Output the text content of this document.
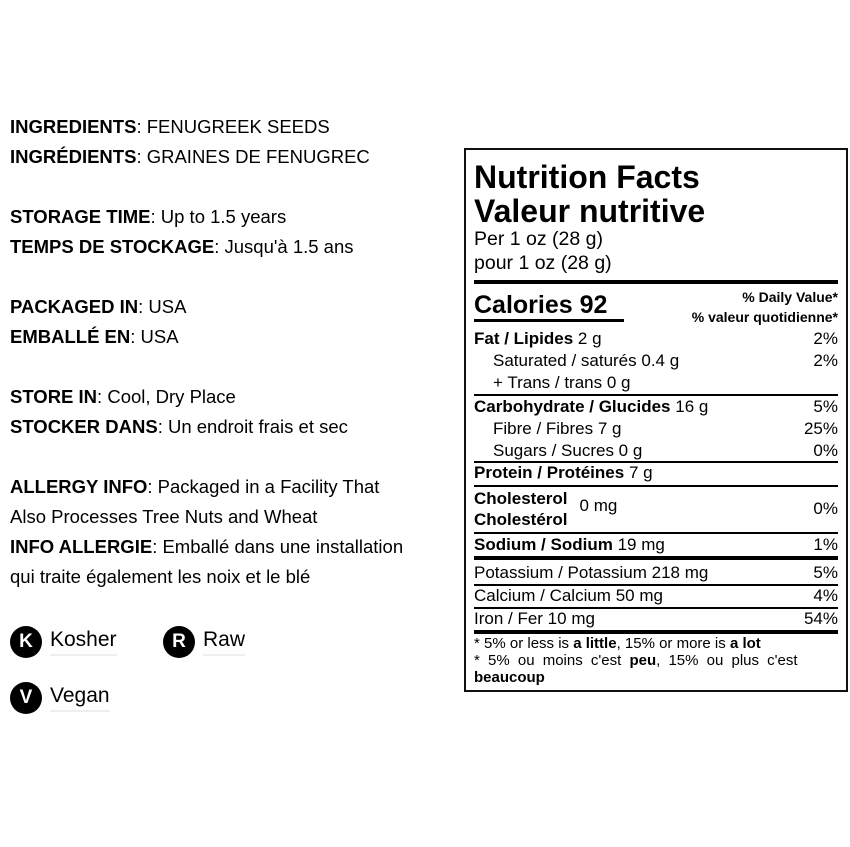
INGREDIENTS: FENUGREEK SEEDS
INGRÉDIENTS: GRAINES DE FENUGREC
STORAGE TIME: Up to 1.5 years
TEMPS DE STOCKAGE: Jusqu'à 1.5 ans
PACKAGED IN: USA
EMBALLÉ EN: USA
STORE IN: Cool, Dry Place
STOCKER DANS: Un endroit frais et sec
ALLERGY INFO: Packaged in a Facility That
Also Processes Tree Nuts and Wheat
INFO ALLERGIE: Emballé dans une installation
qui traite également les noix et le blé
K Kosher	R Raw
V Vegan
Nutrition Facts
Valeur nutritive
Per 1 oz (28 g)
pour 1 oz (28 g)
Calories 92	% Daily Value*
% valeur quotidienne*
Fat / Lipides 2 g	2%
Saturated / saturés 0.4 g	2%
+ Trans / trans 0 g
Carbohydrate / Glucides 16 g	5%
Fibre / Fibres 7 g	25%
Sugars / Sucres 0 g	0%
Protein / Protéines 7 g
Cholesterol
Cholestérol
0 mg	0%
Sodium / Sodium 19 mg	1%
Potassium / Potassium 218 mg	5%
Calcium / Calcium 50 mg	4%
Iron / Fer 10 mg	54%
* 5% or less is a little, 15% or more is a lot
* 5% ou moins c'est peu, 15% ou plus c'est
beaucoup
